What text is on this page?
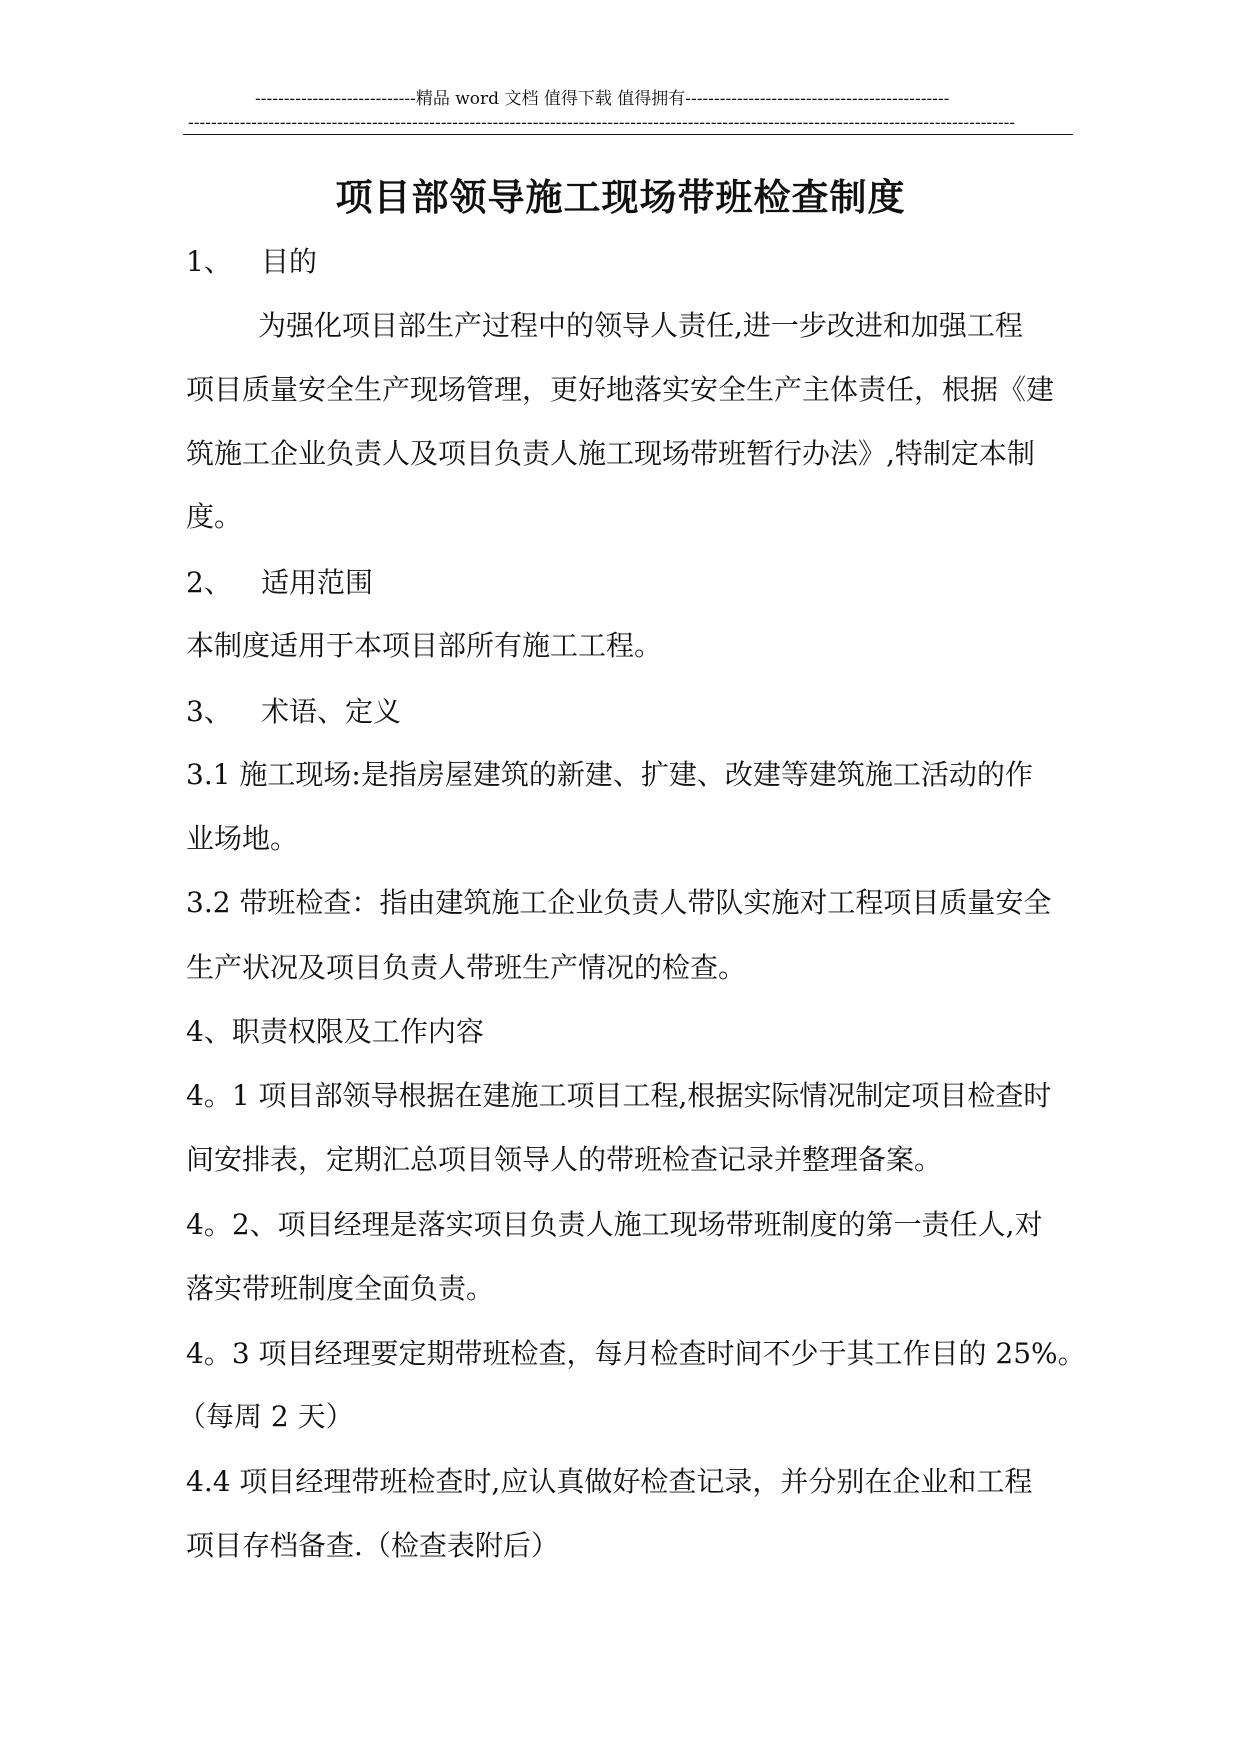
----------------------------精品 word 文档 值得下载 值得拥有----------------------------------------------
------------------------------------------------------------------------------------------------------------------------------------------------
项目部领导施工现场带班检查制度
1、 目的
为强化项目部生产过程中的领导人责任,进一步改进和加强工程
项目质量安全生产现场管理，更好地落实安全生产主体责任，根据《建
筑施工企业负责人及项目负责人施工现场带班暂行办法》,特制定本制
度。
2、 适用范围
本制度适用于本项目部所有施工工程。
3、 术语、定义
3.1 施工现场:是指房屋建筑的新建、扩建、改建等建筑施工活动的作
业场地。
3.2 带班检查：指由建筑施工企业负责人带队实施对工程项目质量安全
生产状况及项目负责人带班生产情况的检查。
4、职责权限及工作内容
4。1 项目部领导根据在建施工项目工程,根据实际情况制定项目检查时
间安排表，定期汇总项目领导人的带班检查记录并整理备案。
4。2、项目经理是落实项目负责人施工现场带班制度的第一责任人,对
落实带班制度全面负责。
4。3 项目经理要定期带班检查，每月检查时间不少于其工作目的 25%。
（每周 2 天）
4.4 项目经理带班检查时,应认真做好检查记录，并分别在企业和工程
项目存档备查.（检查表附后）
